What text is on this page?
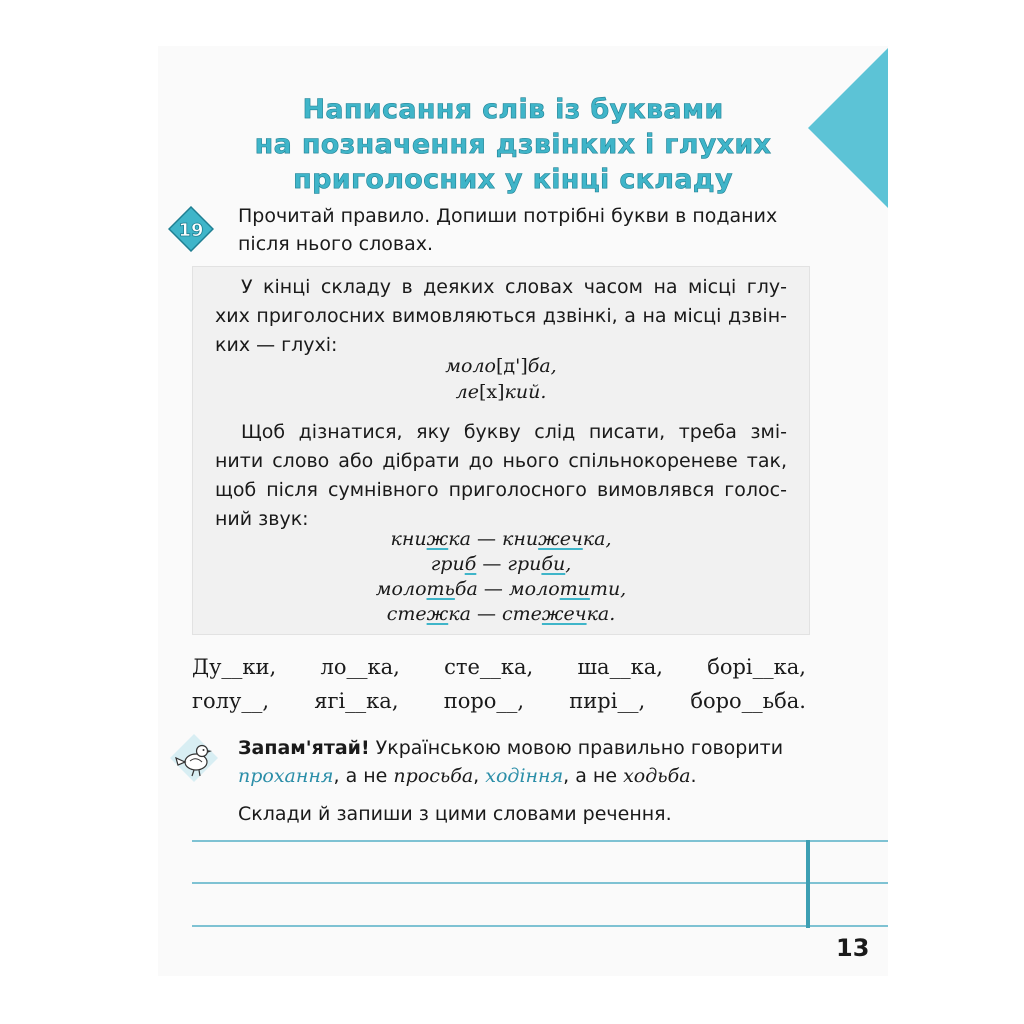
Написання слів із буквами
на позначення дзвінких і глухих
приголосних у кінці складу
19
Прочитай правило. Допиши потрібні букви в поданих
після нього словах.
У кінці складу в деяких словах часом на місці глу-
хих приголосних вимовляються дзвінкі, а на місці дзвін-
ких — глухі:
моло[д']ба,
ле[х]кий.
Щоб дізнатися, яку букву слід писати, треба змі-
нити слово або дібрати до нього спільнокореневе так,
щоб після сумнівного приголосного вимовлявся голос-
ний звук:
книжка — книжечка,
гриб — гриби,
молотьба — молотити,
стежка — стежечка.
Ду__ки, ло__ка, сте__ка, ша__ка, борі__ка,
голу__, ягі__ка, поро__, пирі__, боро__ьба.
Запам'ятай! Українською мовою правильно говорити
прохання, а не просьба, ходіння, а не ходьба.
Склади й запиши з цими словами речення.
13
